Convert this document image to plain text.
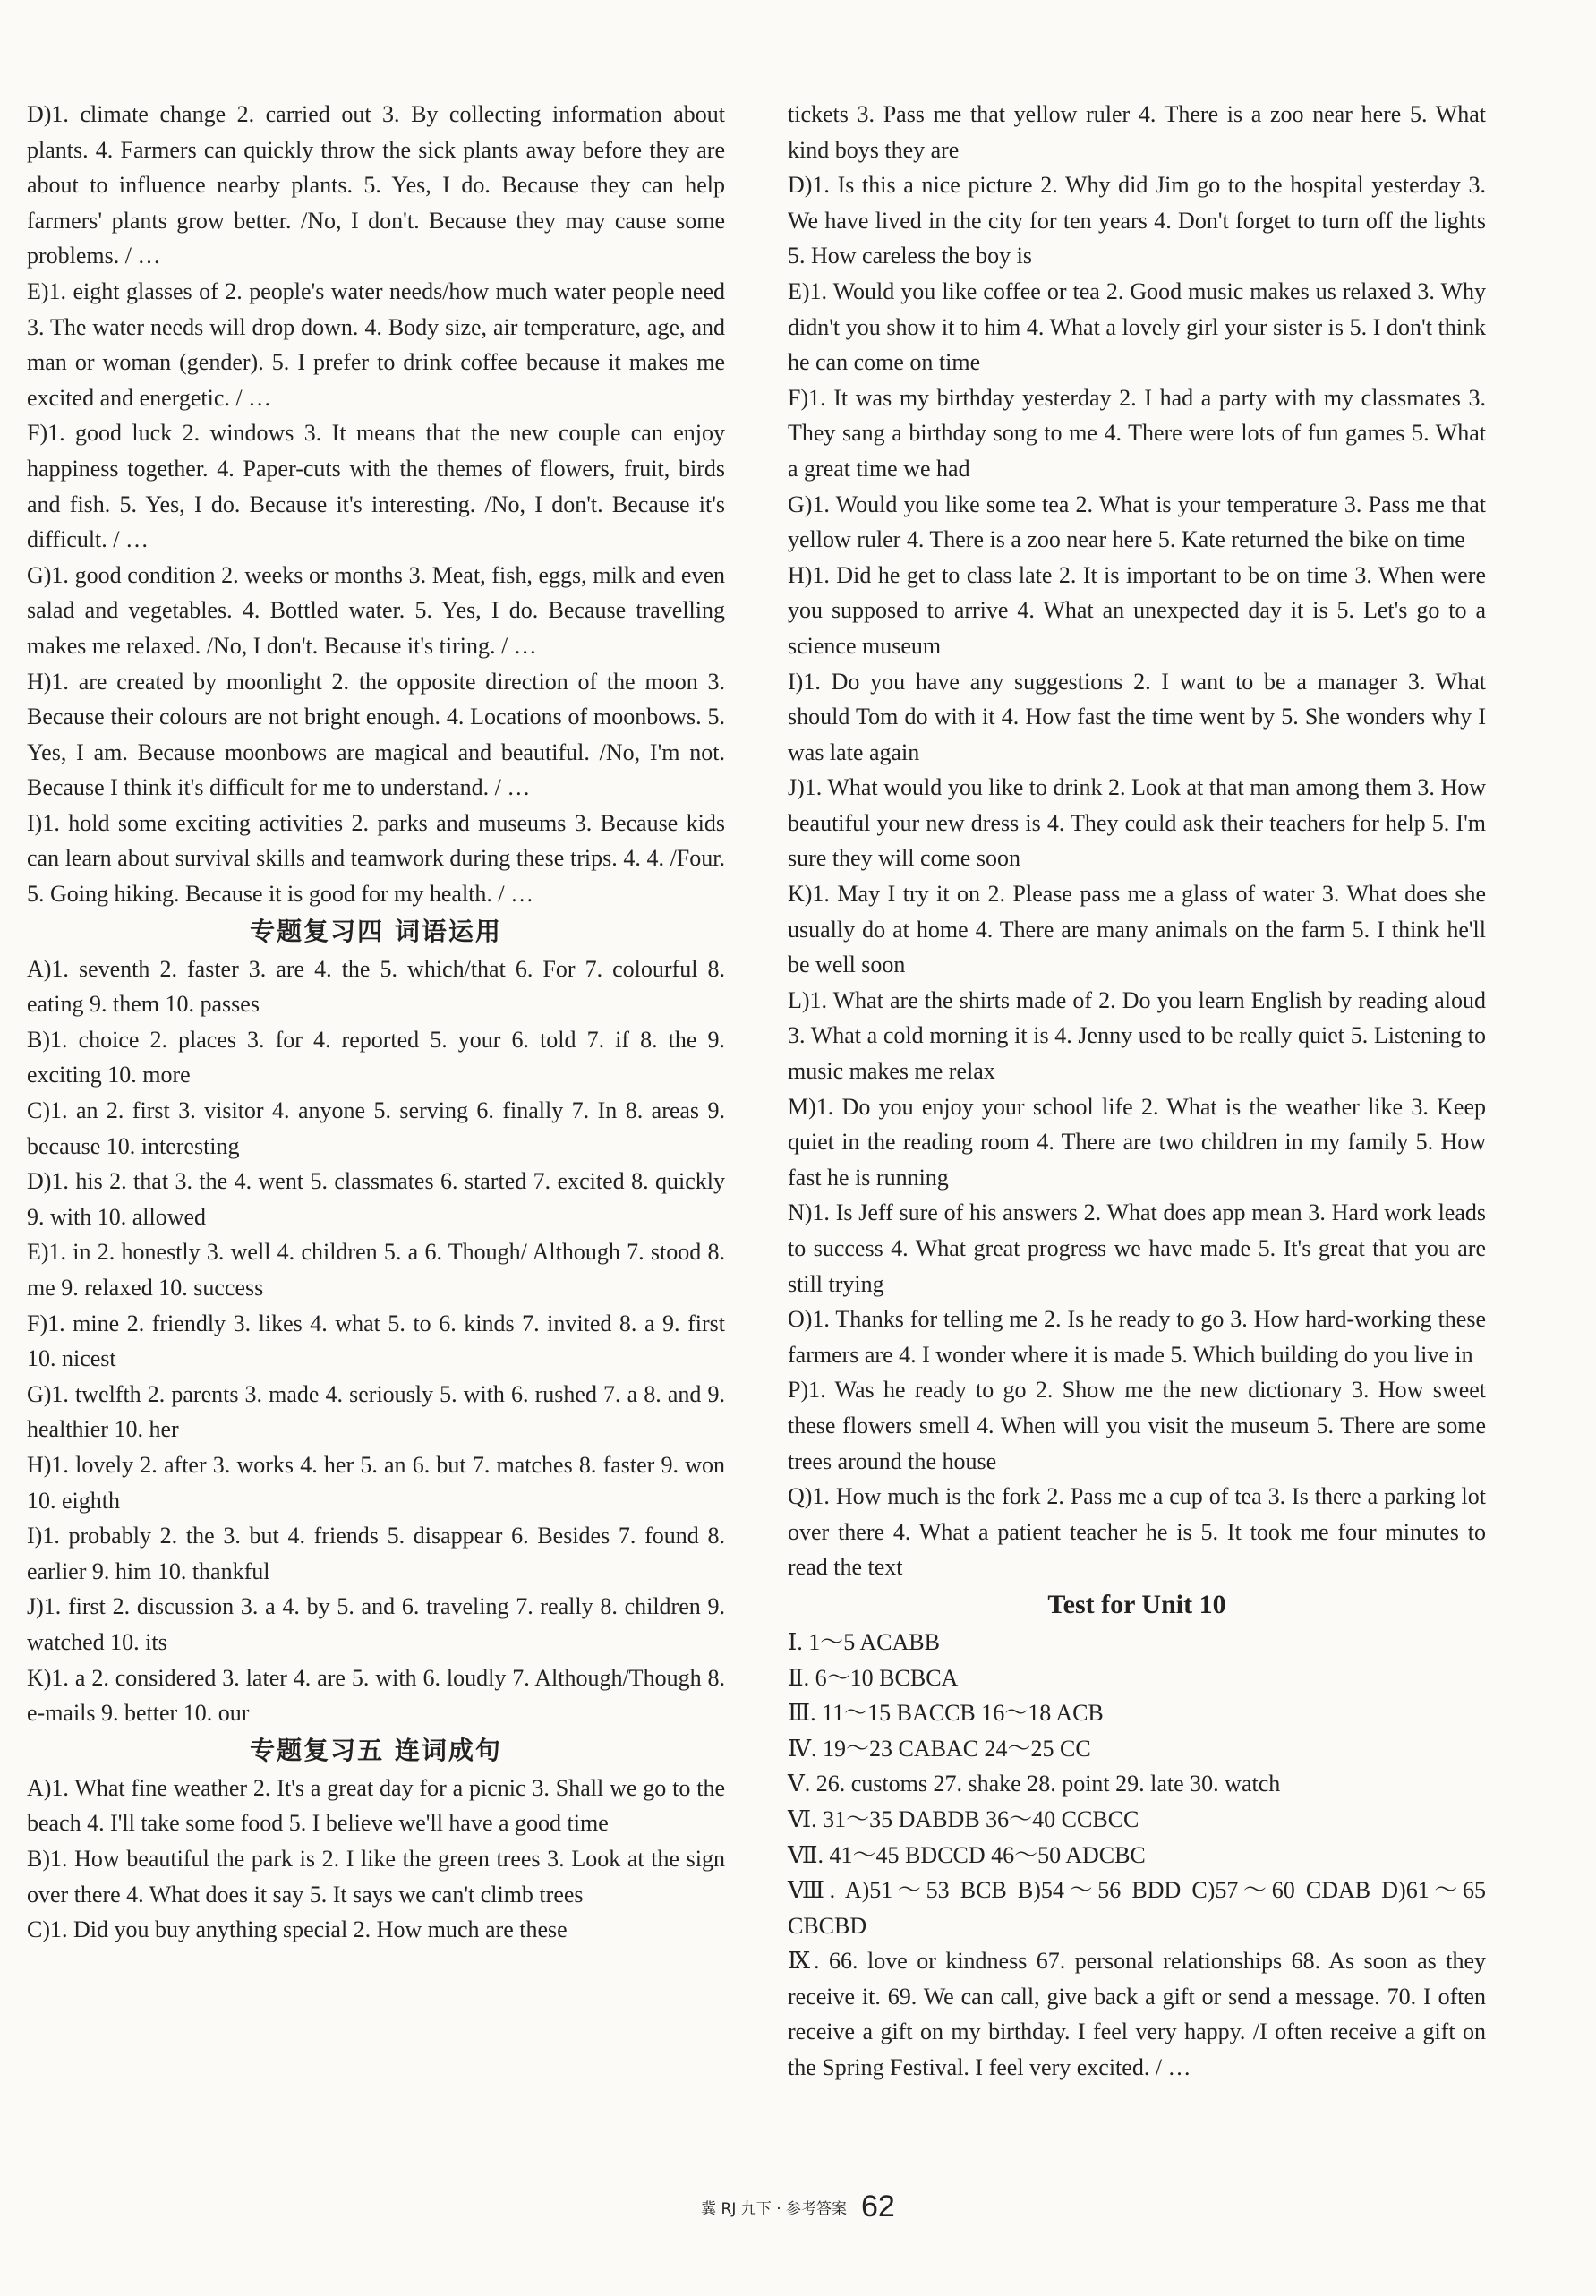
D)1. climate change 2. carried out 3. By collecting information about plants. 4. Farmers can quickly throw the sick plants away before they are about to influence nearby plants. 5. Yes, I do. Because they can help farmers' plants grow better. /No, I don't. Because they may cause some problems. / …
E)1. eight glasses of 2. people's water needs/how much water people need 3. The water needs will drop down. 4. Body size, air temperature, age, and man or woman (gender). 5. I prefer to drink coffee because it makes me excited and energetic. / …
F)1. good luck 2. windows 3. It means that the new couple can enjoy happiness together. 4. Paper-cuts with the themes of flowers, fruit, birds and fish. 5. Yes, I do. Because it's interesting. /No, I don't. Because it's difficult. / …
G)1. good condition 2. weeks or months 3. Meat, fish, eggs, milk and even salad and vegetables. 4. Bottled water. 5. Yes, I do. Because travelling makes me relaxed. /No, I don't. Because it's tiring. / …
H)1. are created by moonlight 2. the opposite direction of the moon 3. Because their colours are not bright enough. 4. Locations of moonbows. 5. Yes, I am. Because moonbows are magical and beautiful. /No, I'm not. Because I think it's difficult for me to understand. / …
I)1. hold some exciting activities 2. parks and museums 3. Because kids can learn about survival skills and teamwork during these trips. 4. 4. /Four. 5. Going hiking. Because it is good for my health. / …
专题复习四 词语运用
A)1. seventh 2. faster 3. are 4. the 5. which/that 6. For 7. colourful 8. eating 9. them 10. passes
B)1. choice 2. places 3. for 4. reported 5. your 6. told 7. if 8. the 9. exciting 10. more
C)1. an 2. first 3. visitor 4. anyone 5. serving 6. finally 7. In 8. areas 9. because 10. interesting
D)1. his 2. that 3. the 4. went 5. classmates 6. started 7. excited 8. quickly 9. with 10. allowed
E)1. in 2. honestly 3. well 4. children 5. a 6. Though/ Although 7. stood 8. me 9. relaxed 10. success
F)1. mine 2. friendly 3. likes 4. what 5. to 6. kinds 7. invited 8. a 9. first 10. nicest
G)1. twelfth 2. parents 3. made 4. seriously 5. with 6. rushed 7. a 8. and 9. healthier 10. her
H)1. lovely 2. after 3. works 4. her 5. an 6. but 7. matches 8. faster 9. won 10. eighth
I)1. probably 2. the 3. but 4. friends 5. disappear 6. Besides 7. found 8. earlier 9. him 10. thankful
J)1. first 2. discussion 3. a 4. by 5. and 6. traveling 7. really 8. children 9. watched 10. its
K)1. a 2. considered 3. later 4. are 5. with 6. loudly 7. Although/Though 8. e-mails 9. better 10. our
专题复习五 连词成句
A)1. What fine weather 2. It's a great day for a picnic 3. Shall we go to the beach 4. I'll take some food 5. I believe we'll have a good time
B)1. How beautiful the park is 2. I like the green trees 3. Look at the sign over there 4. What does it say 5. It says we can't climb trees
C)1. Did you buy anything special 2. How much are these
tickets 3. Pass me that yellow ruler 4. There is a zoo near here 5. What kind boys they are
D)1. Is this a nice picture 2. Why did Jim go to the hospital yesterday 3. We have lived in the city for ten years 4. Don't forget to turn off the lights 5. How careless the boy is
E)1. Would you like coffee or tea 2. Good music makes us relaxed 3. Why didn't you show it to him 4. What a lovely girl your sister is 5. I don't think he can come on time
F)1. It was my birthday yesterday 2. I had a party with my classmates 3. They sang a birthday song to me 4. There were lots of fun games 5. What a great time we had
G)1. Would you like some tea 2. What is your temperature 3. Pass me that yellow ruler 4. There is a zoo near here 5. Kate returned the bike on time
H)1. Did he get to class late 2. It is important to be on time 3. When were you supposed to arrive 4. What an unexpected day it is 5. Let's go to a science museum
I)1. Do you have any suggestions 2. I want to be a manager 3. What should Tom do with it 4. How fast the time went by 5. She wonders why I was late again
J)1. What would you like to drink 2. Look at that man among them 3. How beautiful your new dress is 4. They could ask their teachers for help 5. I'm sure they will come soon
K)1. May I try it on 2. Please pass me a glass of water 3. What does she usually do at home 4. There are many animals on the farm 5. I think he'll be well soon
L)1. What are the shirts made of 2. Do you learn English by reading aloud 3. What a cold morning it is 4. Jenny used to be really quiet 5. Listening to music makes me relax
M)1. Do you enjoy your school life 2. What is the weather like 3. Keep quiet in the reading room 4. There are two children in my family 5. How fast he is running
N)1. Is Jeff sure of his answers 2. What does app mean 3. Hard work leads to success 4. What great progress we have made 5. It's great that you are still trying
O)1. Thanks for telling me 2. Is he ready to go 3. How hard-working these farmers are 4. I wonder where it is made 5. Which building do you live in
P)1. Was he ready to go 2. Show me the new dictionary 3. How sweet these flowers smell 4. When will you visit the museum 5. There are some trees around the house
Q)1. How much is the fork 2. Pass me a cup of tea 3. Is there a parking lot over there 4. What a patient teacher he is 5. It took me four minutes to read the text
Test for Unit 10
Ⅰ. 1～5 ACABB
Ⅱ. 6～10 BCBCA
Ⅲ. 11～15 BACCB 16～18 ACB
Ⅳ. 19～23 CABAC 24～25 CC
Ⅴ. 26. customs 27. shake 28. point 29. late 30. watch
Ⅵ. 31～35 DABDB 36～40 CCBCC
Ⅶ. 41～45 BDCCD 46～50 ADCBC
Ⅷ. A)51～53 BCB B)54～56 BDD C)57～60 CDAB D)61～65 CBCBD
Ⅸ. 66. love or kindness 67. personal relationships 68. As soon as they receive it. 69. We can call, give back a gift or send a message. 70. I often receive a gift on my birthday. I feel very happy. /I often receive a gift on the Spring Festival. I feel very excited. / …
冀 RJ 九下 · 参考答案 62
